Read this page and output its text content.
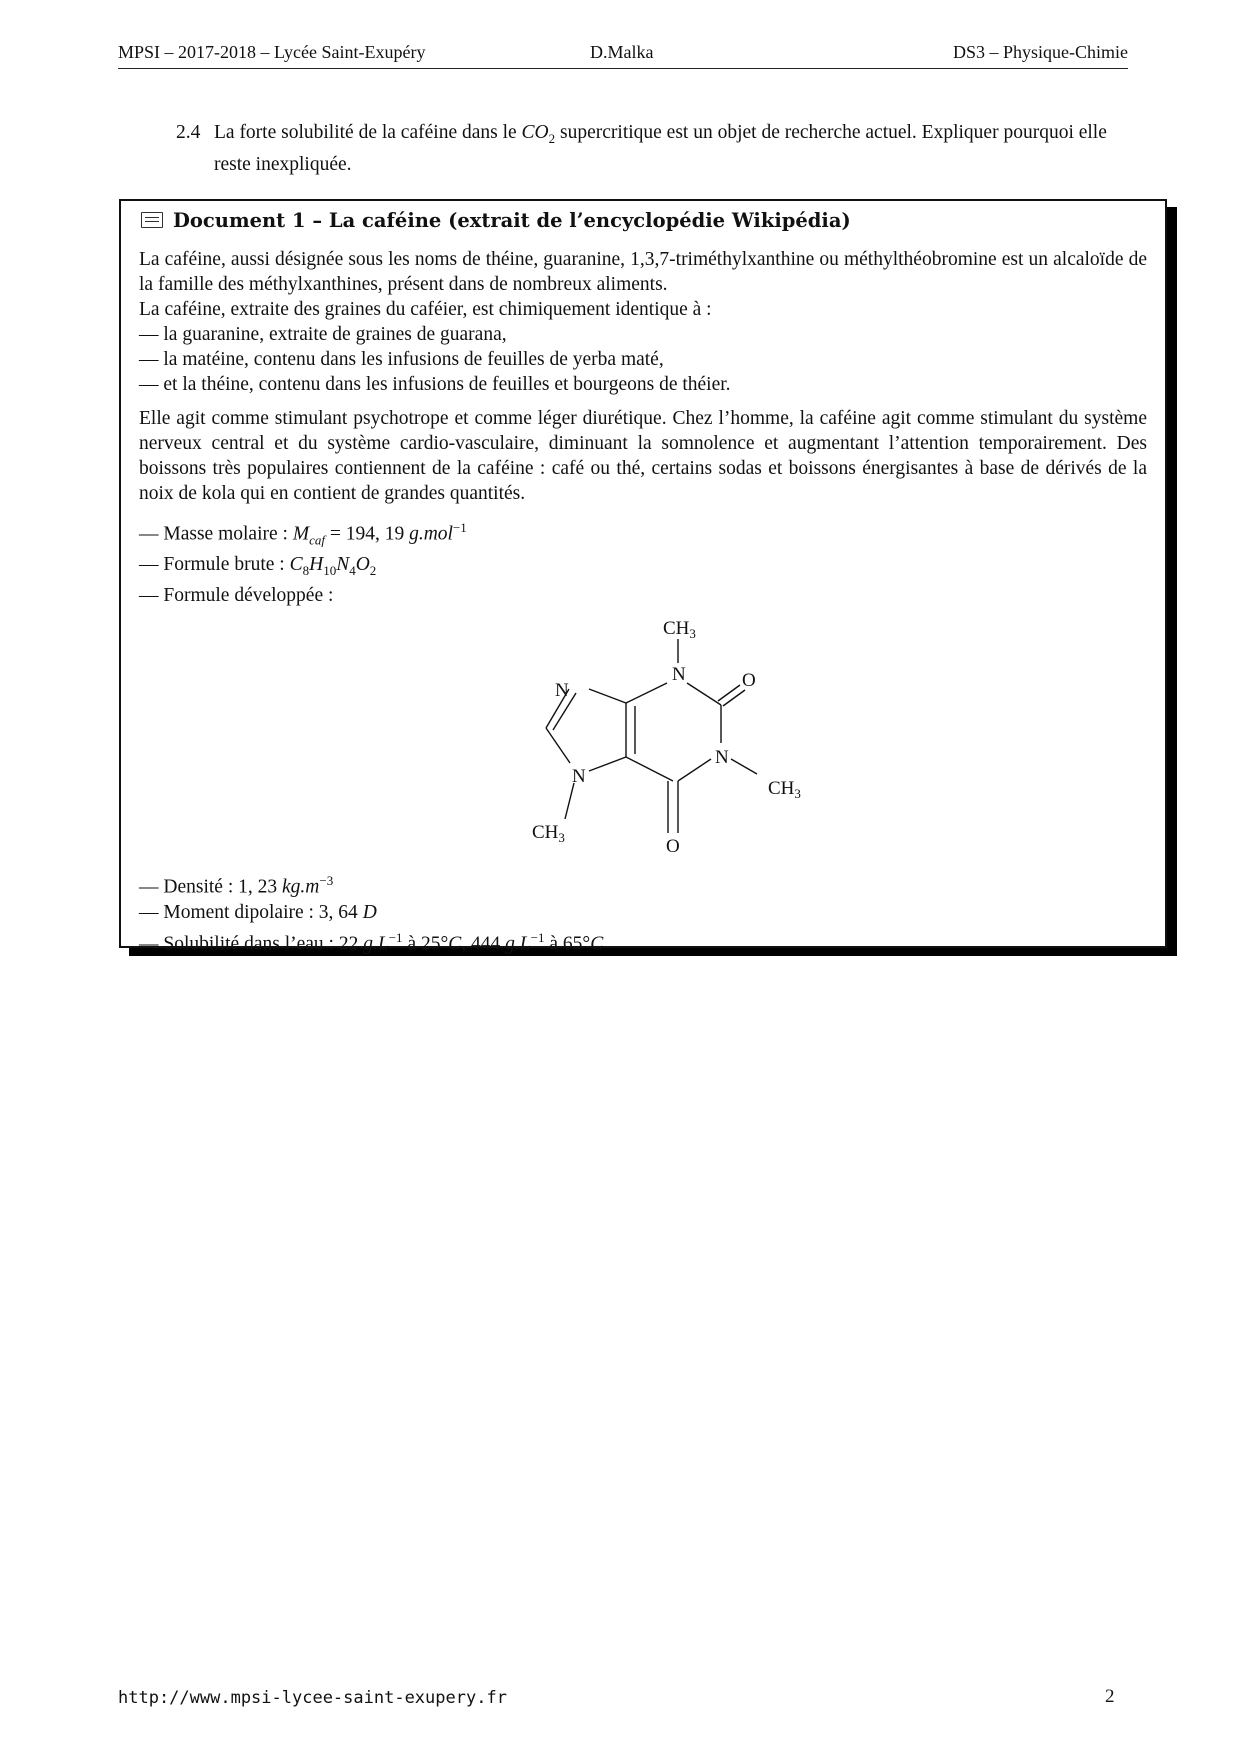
MPSI – 2017-2018 – Lycée Saint-Exupéry	D.Malka	DS3 – Physique-Chimie
2.4 La forte solubilité de la caféine dans le $CO_2$ supercritique est un objet de recherche actuel. Expliquer pourquoi elle reste inexpliquée.
Document 1 – La caféine (extrait de l’encyclopédie Wikipédia)

La caféine, aussi désignée sous les noms de théine, guaranine, 1,3,7-triméthylxanthine ou méthylthéobromine est un alcaloïde de la famille des méthylxanthines, présent dans de nombreux aliments.

La caféine, extraite des graines du caféier, est chimiquement identique à :
— la guaranine, extraite de graines de guarana,
— la matéine, contenu dans les infusions de feuilles de yerba maté,
— et la théine, contenu dans les infusions de feuilles et bourgeons de théier.

Elle agit comme stimulant psychotrope et comme léger diurétique. Chez l’homme, la caféine agit comme stimulant du système nerveux central et du système cardio-vasculaire, diminuant la somnolence et augmentant l’attention temporairement. Des boissons très populaires contiennent de la caféine : café ou thé, certains sodas et boissons énergisantes à base de dérivés de la noix de kola qui en contient de grandes quantités.

— Masse molaire : $M_{caf} = 194$, 19 g.mol$^{-1}$
— Formule brute : $C_8H_{10}N_4O_2$
— Formule développée :
$CH_3$
N	O
N
N
$CH_3$
N
$CH_3$	O
— Densité : 1, 23 $kg.m^{-3}$
— Moment dipolaire : 3, 64 D
— Solubilité dans l’eau : 22 $g.L^{-1}$ à 25°C, 444 $g.L^{-1}$ à 65°C
http://www.mpsi-lycee-saint-exupery.fr	2
